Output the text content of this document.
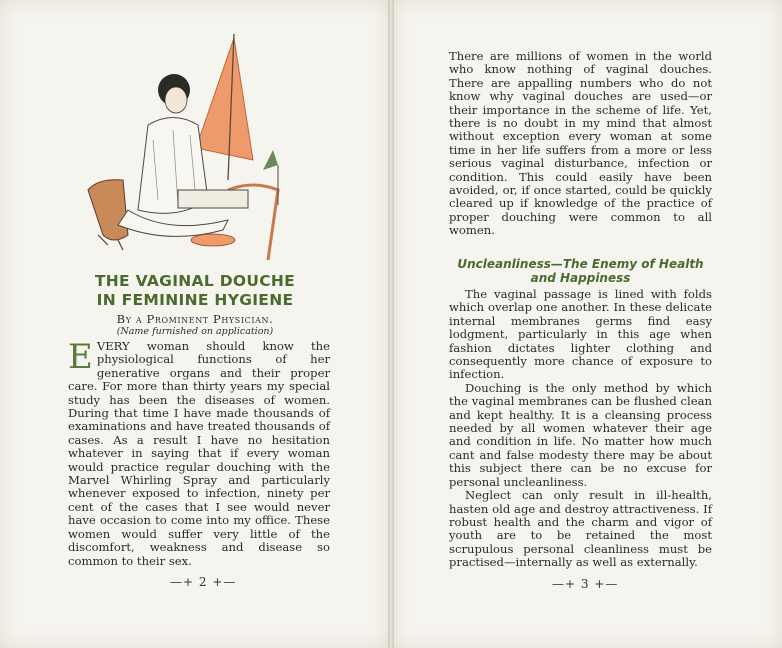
THE VAGINAL DOUCHE
IN FEMININE HYGIENE
By a Prominent Physician.
(Name furnished on application)
EVERY woman should know the physiological functions of her generative organs and their proper care. For more than thirty years my special study has been the diseases of women. During that time I have made thousands of examinations and have treated thousands of cases. As a result I have no hesitation whatever in saying that if every woman would practice regular douching with the Marvel Whirling Spray and particularly whenever exposed to infection, ninety per cent of the cases that I see would never have occasion to come into my office. These women would suffer very little of the discomfort, weakness and disease so common to their sex.
—+ 2 +—
There are millions of women in the world who know nothing of vaginal douches. There are appalling numbers who do not know why vaginal douches are used—or their importance in the scheme of life. Yet, there is no doubt in my mind that almost without exception every woman at some time in her life suffers from a more or less serious vaginal disturbance, infection or condition. This could easily have been avoided, or, if once started, could be quickly cleared up if knowledge of the practice of proper douching were common to all women.
Uncleanliness—The Enemy of Health and Happiness

The vaginal passage is lined with folds which overlap one another. In these delicate internal membranes germs find easy lodgment, particularly in this age when fashion dictates lighter clothing and consequently more chance of exposure to infection.

Douching is the only method by which the vaginal membranes can be flushed clean and kept healthy. It is a cleansing process needed by all women whatever their age and condition in life. No matter how much cant and false modesty there may be about this subject there can be no excuse for personal uncleanliness.

Neglect can only result in ill-health, hasten old age and destroy attractiveness. If robust health and the charm and vigor of youth are to be retained the most scrupulous personal cleanliness must be practised—internally as well as externally.

—+ 3 +—
